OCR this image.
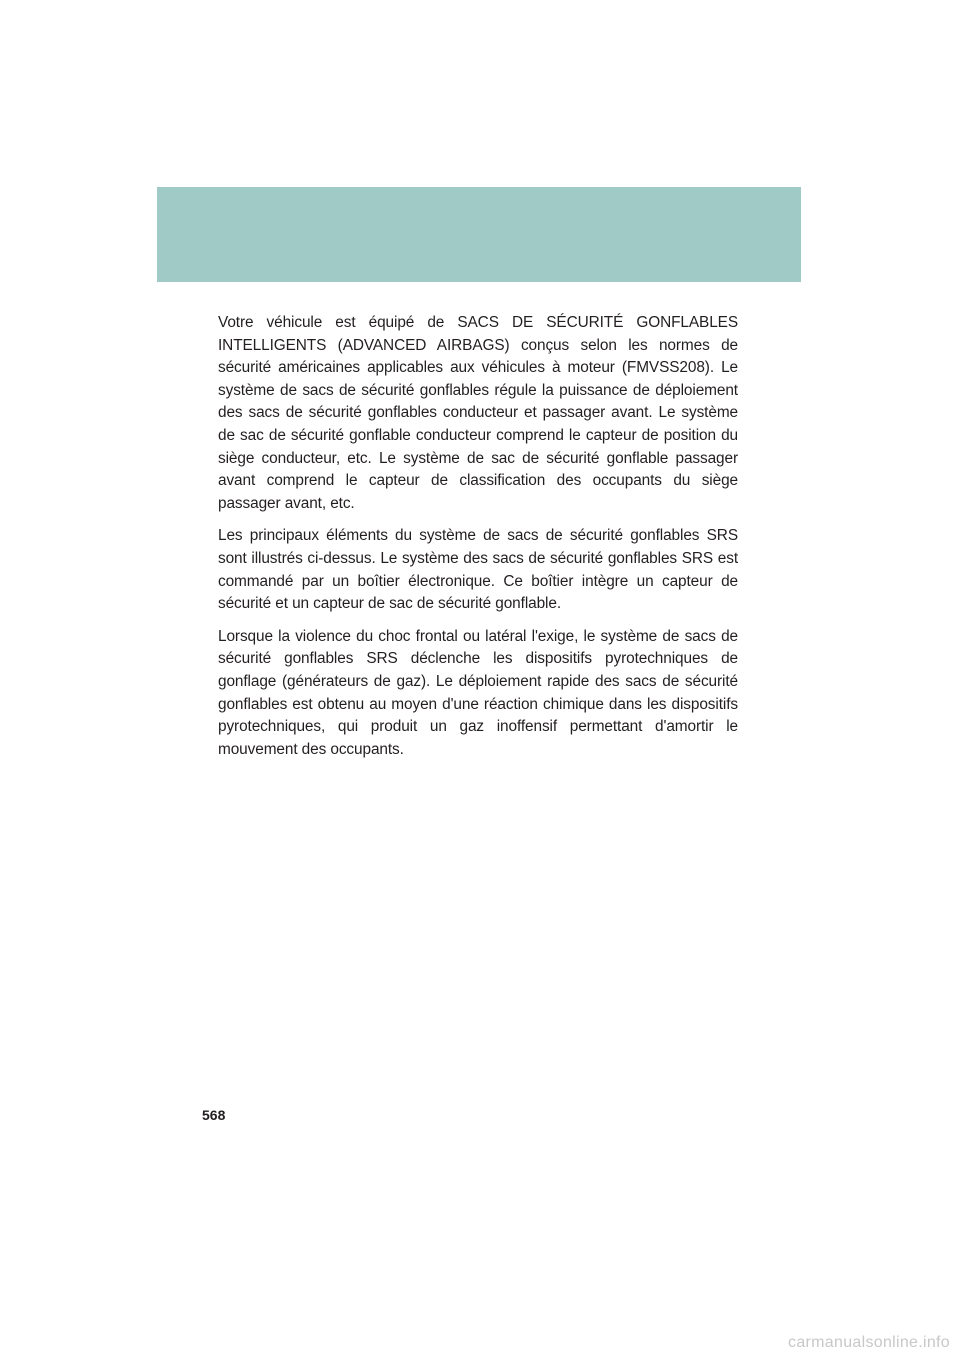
Votre véhicule est équipé de SACS DE SÉCURITÉ GONFLABLES INTELLIGENTS (ADVANCED AIRBAGS) conçus selon les normes de sécurité américaines applicables aux véhicules à moteur (FMVSS208). Le système de sacs de sécurité gonflables régule la puissance de déploiement des sacs de sécurité gonflables conducteur et passager avant. Le système de sac de sécurité gonflable conducteur comprend le capteur de position du siège conducteur, etc. Le système de sac de sécurité gonflable passager avant comprend le capteur de classification des occupants du siège passager avant, etc.

Les principaux éléments du système de sacs de sécurité gonflables SRS sont illustrés ci-dessus. Le système des sacs de sécurité gonflables SRS est commandé par un boîtier électronique. Ce boîtier intègre un capteur de sécurité et un capteur de sac de sécurité gonflable.

Lorsque la violence du choc frontal ou latéral l'exige, le système de sacs de sécurité gonflables SRS déclenche les dispositifs pyrotechniques de gonflage (générateurs de gaz). Le déploiement rapide des sacs de sécurité gonflables est obtenu au moyen d'une réaction chimique dans les dispositifs pyrotechniques, qui produit un gaz inoffensif permettant d'amortir le mouvement des occupants.

568
carmanualsonline.info
